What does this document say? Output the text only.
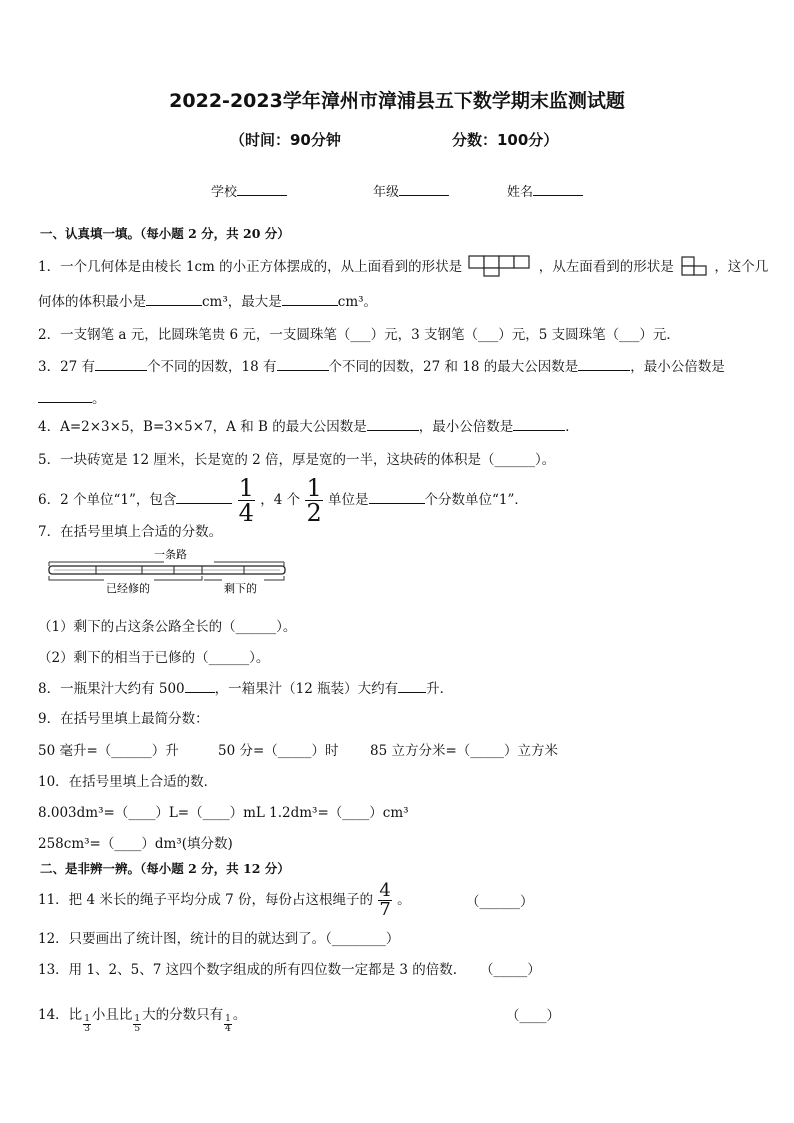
2022-2023学年漳州市漳浦县五下数学期末监测试题
（时间：90分钟	分数：100分）
学校	年级	姓名
一、认真填一填。（每小题 2 分，共 20 分）
1．一个几何体是由棱长 1cm 的小正方体摆成的，从上面看到的形状是	，从左面看到的形状是	，这个几
何体的体积最小是	cm³，最大是	cm³。
2．一支钢笔 a 元，比圆珠笔贵 6 元，一支圆珠笔（___）元，3 支钢笔（___）元，5 支圆珠笔（___）元．
3．27 有	个不同的因数，18 有	个不同的因数，27 和 18 的最大公因数是	，最小公倍数是
。
4．A=2×3×5，B=3×5×7，A 和 B 的最大公因数是	，最小公倍数是	．
5．一块砖宽是 12 厘米，长是宽的 2 倍，厚是宽的一半，这块砖的体积是（______）。
6．2 个单位“1”，包含	$\frac{1}{4}$ ，4 个 $\frac{1}{2}$ 单位是	个分数单位“1”．
7．在括号里填上合适的分数。
一条路
已经修的	剩下的
（1）剩下的占这条公路全长的（______）。
（2）剩下的相当于已修的（______）。
8．一瓶果汁大约有 500 ，一箱果汁（12 瓶装）大约有 升．
9．在括号里填上最简分数：
50 毫升=（______）升	50 分=（_____）时 85 立方分米=（_____）立方米
10．在括号里填上合适的数．
8.003dm³=（____）L=（____）mL 1.2dm³=（____）cm³
258cm³=（____）dm³(填分数)
二、是非辨一辨。（每小题 2 分，共 12 分）
11．把 4 米长的绳子平均分成 7 份，每份占这根绳子的 $\frac{4}{7}$ 。	（______）
12．只要画出了统计图，统计的目的就达到了。（________）
13．用 1、2、5、7 这四个数字组成的所有四位数一定都是 3 的倍数. （_____）
14．比 $\frac{1}{3}$ 小且比 $\frac{1}{5}$ 大的分数只有 $\frac{1}{4}$ 。	（____）
